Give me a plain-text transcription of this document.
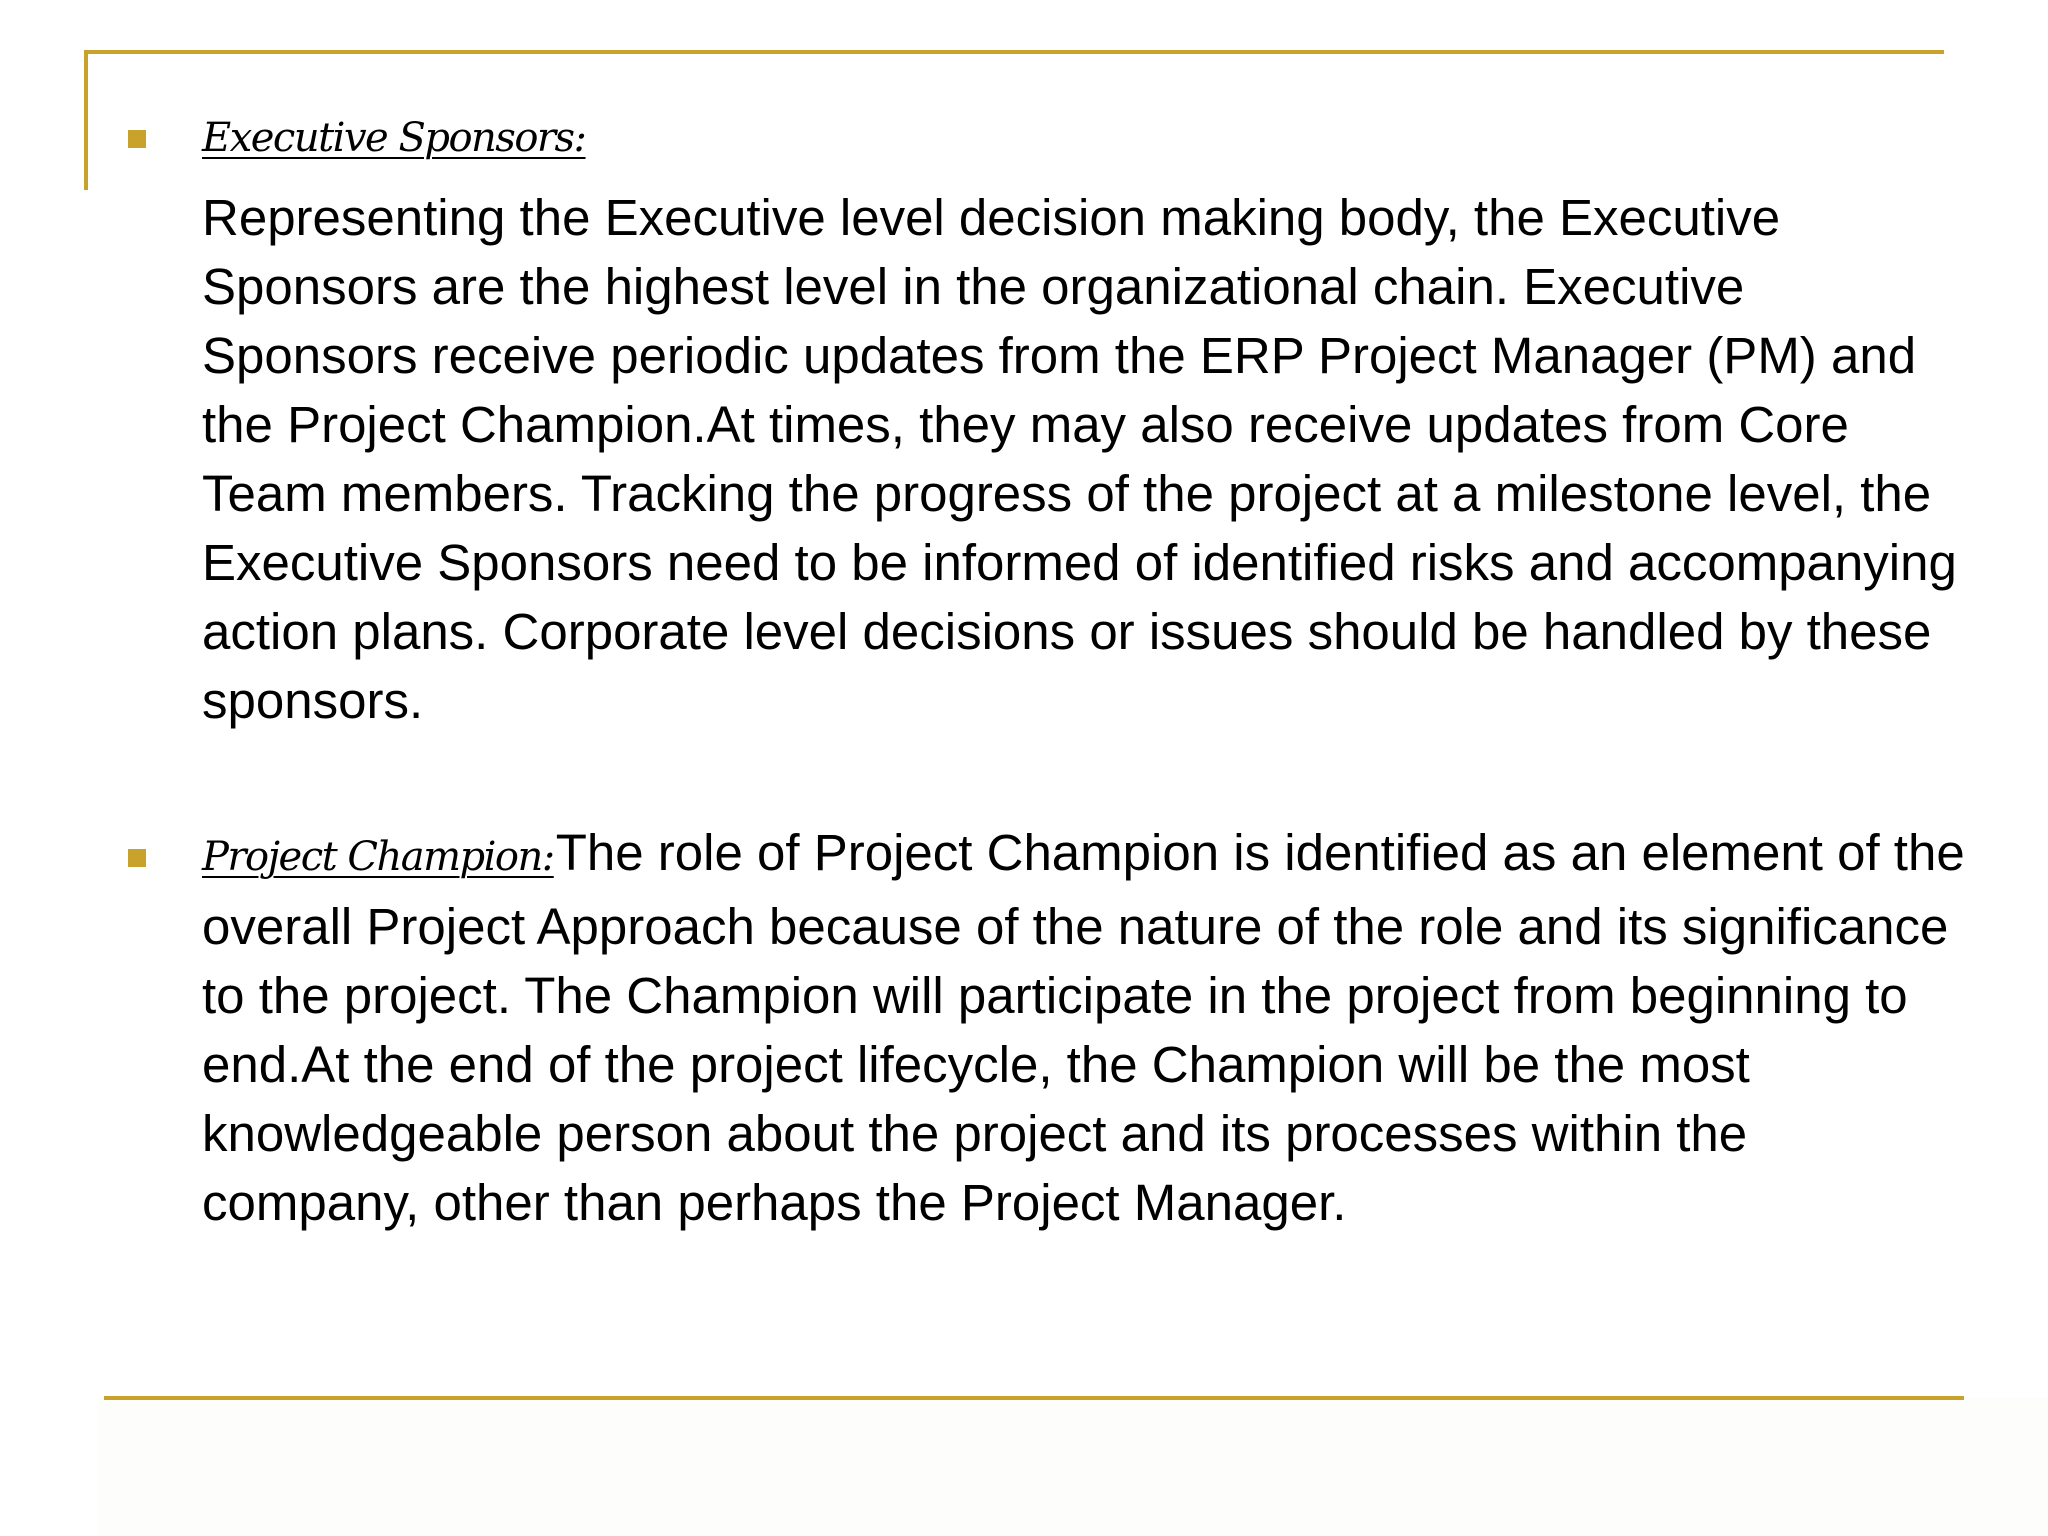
Executive Sponsors:

Representing the Executive level decision making body, the Executive Sponsors are the highest level in the organizational chain. Executive Sponsors receive periodic updates from the ERP Project Manager (PM) and the Project Champion.At times, they may also receive updates from Core Team members. Tracking the progress of the project at a milestone level, the Executive Sponsors need to be informed of identified risks and accompanying action plans. Corporate level decisions or issues should be handled by these sponsors.

Project Champion:The role of Project Champion is identified as an element of the overall Project Approach because of the nature of the role and its significance to the project. The Champion will participate in the project from beginning to end.At the end of the project lifecycle, the Champion will be the most knowledgeable person about the project and its processes within the company, other than perhaps the Project Manager.
